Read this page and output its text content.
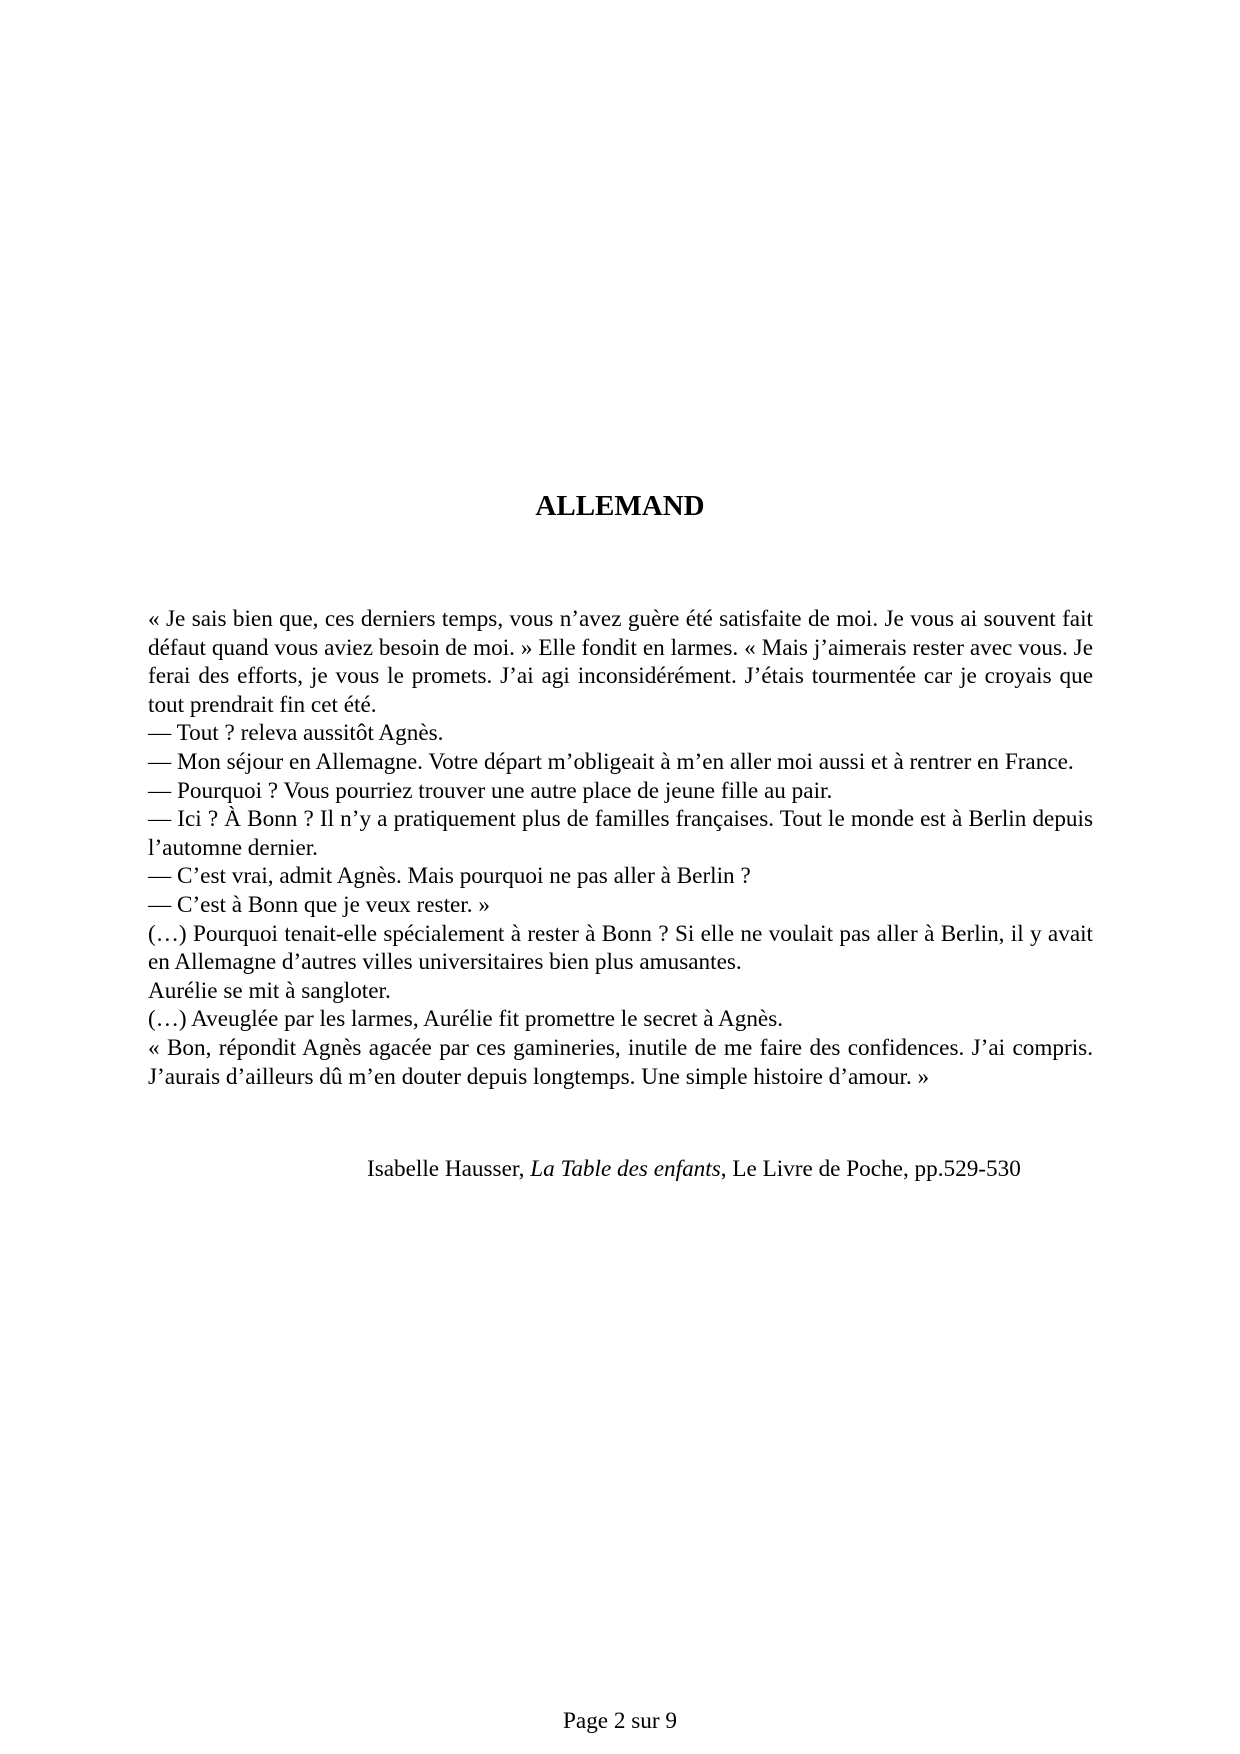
ALLEMAND

« Je sais bien que, ces derniers temps, vous n’avez guère été satisfaite de moi. Je vous ai souvent fait défaut quand vous aviez besoin de moi. » Elle fondit en larmes. « Mais j’aimerais rester avec vous. Je ferai des efforts, je vous le promets. J’ai agi inconsidérément. J’étais tourmentée car je croyais que tout prendrait fin cet été.

— Tout ? releva aussitôt Agnès.

— Mon séjour en Allemagne. Votre départ m’obligeait à m’en aller moi aussi et à rentrer en France.

— Pourquoi ? Vous pourriez trouver une autre place de jeune fille au pair.

— Ici ? À Bonn ? Il n’y a pratiquement plus de familles françaises. Tout le monde est à Berlin depuis l’automne dernier.

— C’est vrai, admit Agnès. Mais pourquoi ne pas aller à Berlin ?

— C’est à Bonn que je veux rester. »

(…) Pourquoi tenait-elle spécialement à rester à Bonn ? Si elle ne voulait pas aller à Berlin, il y avait en Allemagne d’autres villes universitaires bien plus amusantes.

Aurélie se mit à sangloter.

(…) Aveuglée par les larmes, Aurélie fit promettre le secret à Agnès.

« Bon, répondit Agnès agacée par ces gamineries, inutile de me faire des confidences. J’ai compris. J’aurais d’ailleurs dû m’en douter depuis longtemps. Une simple histoire d’amour. »

Isabelle Hausser, La Table des enfants, Le Livre de Poche, pp.529-530
Page 2 sur 9
